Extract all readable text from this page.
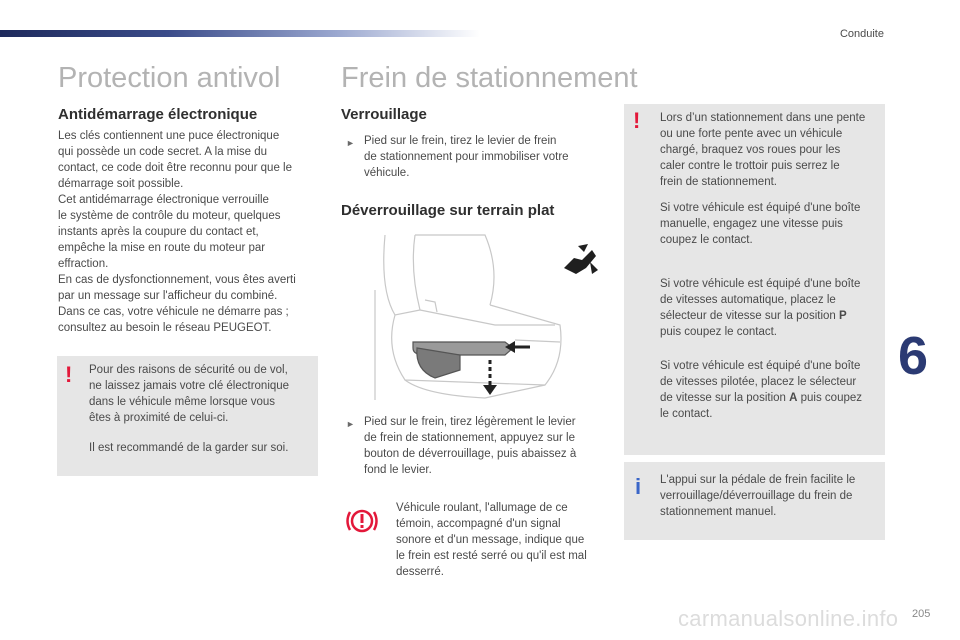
Conduite
6
205
carmanualsonline.info
Protection antivol
Antidémarrage électronique
Les clés contiennent une puce électronique
qui possède un code secret. A la mise du
contact, ce code doit être reconnu pour que le
démarrage soit possible.
Cet antidémarrage électronique verrouille
le système de contrôle du moteur, quelques
instants après la coupure du contact et,
empêche la mise en route du moteur par
effraction.
En cas de dysfonctionnement, vous êtes averti
par un message sur l'afficheur du combiné.
Dans ce cas, votre véhicule ne démarre pas ;
consultez au besoin le réseau PEUGEOT.
! Pour des raisons de sécurité ou de vol,
ne laissez jamais votre clé électronique
dans le véhicule même lorsque vous
êtes à proximité de celui-ci.
Il est recommandé de la garder sur soi.
Frein de stationnement
Verrouillage
► Pied sur le frein, tirez le levier de frein
de stationnement pour immobiliser votre
véhicule.
Déverrouillage sur terrain plat
► Pied sur le frein, tirez légèrement le levier
de frein de stationnement, appuyez sur le
bouton de déverrouillage, puis abaissez à
fond le levier.
Véhicule roulant, l'allumage de ce
témoin, accompagné d'un signal
sonore et d'un message, indique que
le frein est resté serré ou qu'il est mal
desserré.
! Lors d’un stationnement dans une pente
ou une forte pente avec un véhicule
chargé, braquez vos roues pour les
caler contre le trottoir puis serrez le
frein de stationnement.
Si votre véhicule est équipé d'une boîte
manuelle, engagez une vitesse puis
coupez le contact.
Si votre véhicule est équipé d'une boîte
de vitesses automatique, placez le
sélecteur de vitesse sur la position P
puis coupez le contact.
Si votre véhicule est équipé d'une boîte
de vitesses pilotée, placez le sélecteur
de vitesse sur la position A puis coupez
le contact.
i L'appui sur la pédale de frein facilite le
verrouillage/déverrouillage du frein de
stationnement manuel.
